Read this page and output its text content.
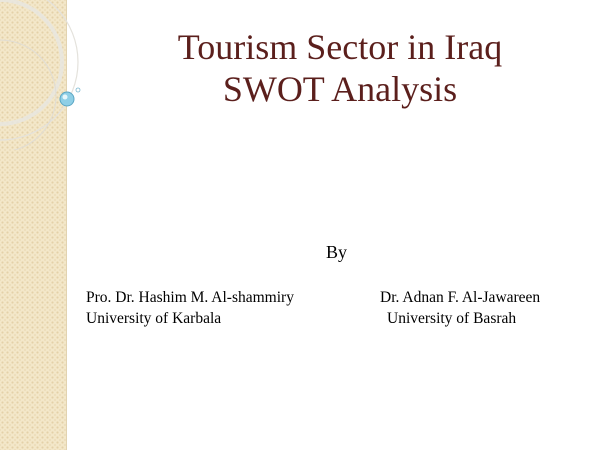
Tourism Sector in Iraq
SWOT Analysis
By
Pro. Dr. Hashim M. Al-shammiry
University of Karbala
Dr. Adnan F. Al-Jawareen
University of Basrah
